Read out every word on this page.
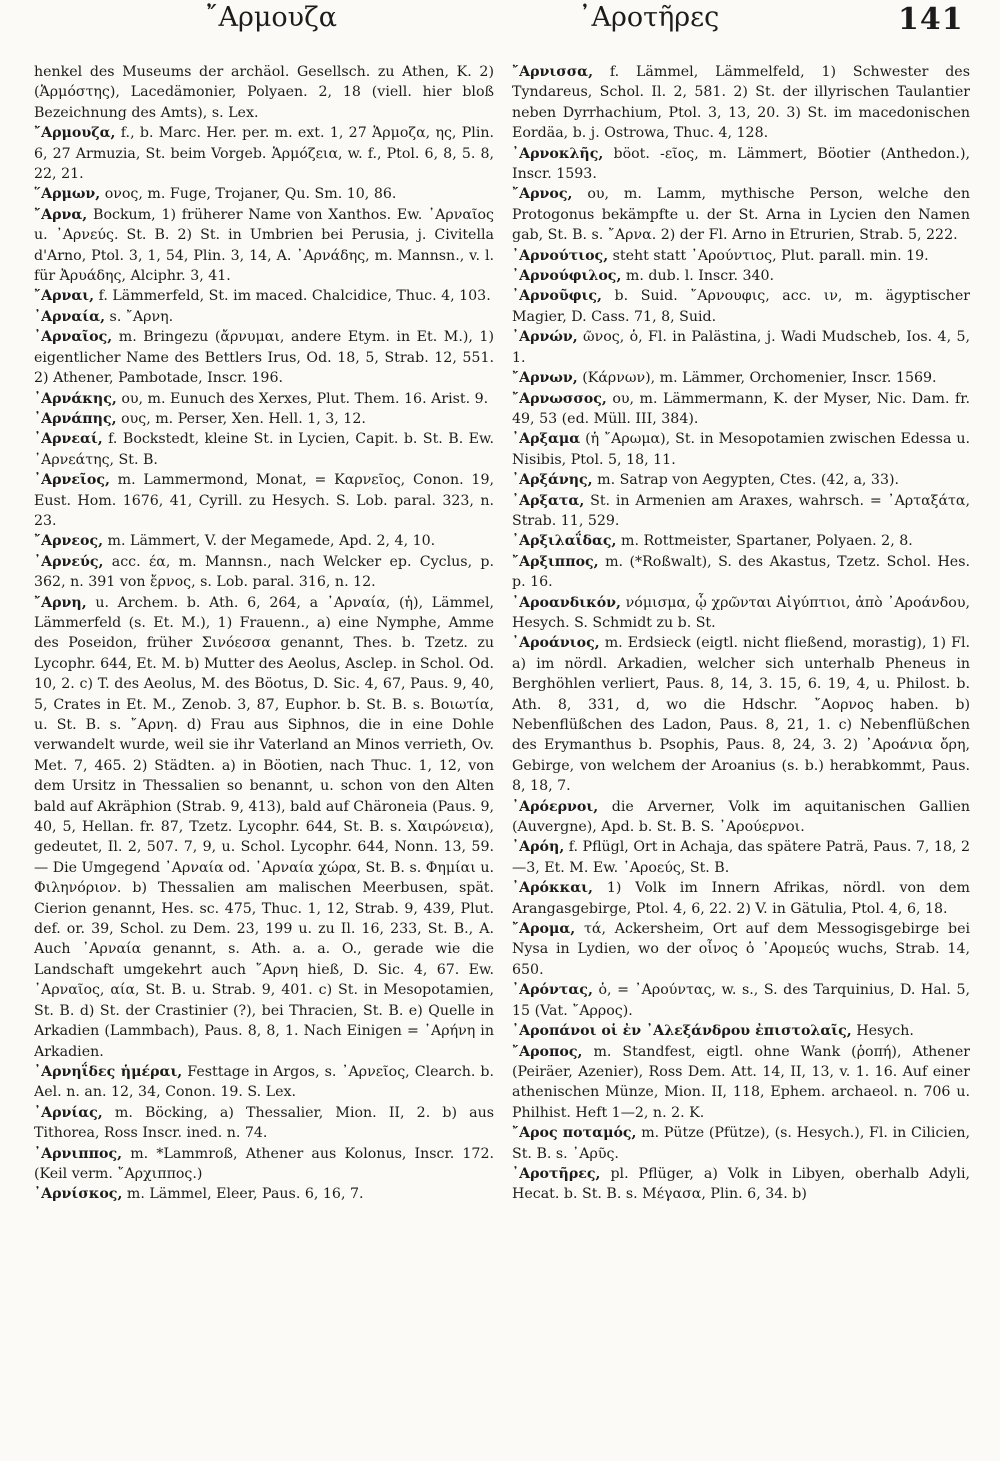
῎Αρμουζα	᾽Αροτῆρες	141

henkel des Museums der archäol. Gesellsch. zu Athen, K. 2) (Ἁρμόστης), Lacedämonier, Polyaen. 2, 18 (viell. hier bloß Bezeichnung des Amts), s. Lex.

῎Αρμουζα, f., b. Marc. Her. per. m. ext. 1, 27 Ἁρμοζα, ης, Plin. 6, 27 Armuzia, St. beim Vorgeb. Ἁρμόζεια, w. f., Ptol. 6, 8, 5. 8, 22, 21.

῞Αρμων, ονος, m. Fuge, Trojaner, Qu. Sm. 10, 86.

῎Αρνα, Bockum, 1) früherer Name von Xanthos. Ew. ᾽Αρναῖος u. ᾽Αρνεύς. St. B. 2) St. in Umbrien bei Perusia, j. Civitella d'Arno, Ptol. 3, 1, 54, Plin. 3, 14, A. ᾽Αρνάδης, m. Mannsn., v. l. für Ἀρυάδης, Alciphr. 3, 41.

῎Αρναι, f. Lämmerfeld, St. im maced. Chalcidice, Thuc. 4, 103.

᾽Αρναία, s. ῎Αρνη.

᾽Αρναῖος, m. Bringezu (ἄρνυμαι, andere Etym. in Et. M.), 1) eigentlicher Name des Bettlers Irus, Od. 18, 5, Strab. 12, 551. 2) Athener, Pambotade, Inscr. 196.

᾽Αρνάκης, ου, m. Eunuch des Xerxes, Plut. Them. 16. Arist. 9.

᾽Αρνάπης, ους, m. Perser, Xen. Hell. 1, 3, 12.

᾽Αρνεαί, f. Bockstedt, kleine St. in Lycien, Capit. b. St. B. Ew. ᾽Αρνεάτης, St. B.

᾽Αρνεῖος, m. Lammermond, Monat, = Καρνεῖος, Conon. 19, Eust. Hom. 1676, 41, Cyrill. zu Hesych. S. Lob. paral. 323, n. 23.

῎Αρνεος, m. Lämmert, V. der Megamede, Apd. 2, 4, 10.

᾽Αρνεύς, acc. έα, m. Mannsn., nach Welcker ep. Cyclus, p. 362, n. 391 von ἔρνος, s. Lob. paral. 316, n. 12.

῎Αρνη, u. Archem. b. Ath. 6, 264, a ᾽Αρναία, (ἡ), Lämmel, Lämmerfeld (s. Et. M.), 1) Frauenn., a) eine Nymphe, Amme des Poseidon, früher Σινόεσσα genannt, Thes. b. Tzetz. zu Lycophr. 644, Et. M. b) Mutter des Aeolus, Asclep. in Schol. Od. 10, 2. c) T. des Aeolus, M. des Böotus, D. Sic. 4, 67, Paus. 9, 40, 5, Crates in Et. M., Zenob. 3, 87, Euphor. b. St. B. s. Βοιωτία, u. St. B. s. ῎Αρνη. d) Frau aus Siphnos, die in eine Dohle verwandelt wurde, weil sie ihr Vaterland an Minos verrieth, Ov. Met. 7, 465. 2) Städten. a) in Böotien, nach Thuc. 1, 12, von dem Ursitz in Thessalien so benannt, u. schon von den Alten bald auf Akräphion (Strab. 9, 413), bald auf Chäroneia (Paus. 9, 40, 5, Hellan. fr. 87, Tzetz. Lycophr. 644, St. B. s. Χαιρώνεια), gedeutet, Il. 2, 507. 7, 9, u. Schol. Lycophr. 644, Nonn. 13, 59. — Die Umgegend ᾽Αρναία od. ᾽Αρναία χώρα, St. B. s. Φημίαι u. Φιληνόριον. b) Thessalien am malischen Meerbusen, spät. Cierion genannt, Hes. sc. 475, Thuc. 1, 12, Strab. 9, 439, Plut. def. or. 39, Schol. zu Dem. 23, 199 u. zu Il. 16, 233, St. B., A. Auch ᾽Αρναία genannt, s. Ath. a. a. O., gerade wie die Landschaft umgekehrt auch ῎Αρνη hieß, D. Sic. 4, 67. Ew. ᾽Αρναῖος, αία, St. B. u. Strab. 9, 401. c) St. in Mesopotamien, St. B. d) St. der Crastinier (?), bei Thracien, St. B. e) Quelle in Arkadien (Lammbach), Paus. 8, 8, 1. Nach Einigen = ᾽Αρήνη in Arkadien.

᾽Αρνηΐδες ἡμέραι, Festtage in Argos, s. ᾽Αρνεῖος, Clearch. b. Ael. n. an. 12, 34, Conon. 19. S. Lex.

᾽Αρνίας, m. Böcking, a) Thessalier, Mion. II, 2. b) aus Tithorea, Ross Inscr. ined. n. 74.

᾽Αρνιππος, m. *Lammroß, Athener aus Kolonus, Inscr. 172. (Keil verm. ῎Αρχιππος.)

᾽Αρνίσκος, m. Lämmel, Eleer, Paus. 6, 16, 7.

῎Αρνισσα, f. Lämmel, Lämmelfeld, 1) Schwester des Tyndareus, Schol. Il. 2, 581. 2) St. der illyrischen Taulantier neben Dyrrhachium, Ptol. 3, 13, 20. 3) St. im macedonischen Eordäa, b. j. Ostrowa, Thuc. 4, 128.

᾽Αρνοκλῆς, böot. -εῖος, m. Lämmert, Böotier (Anthedon.), Inscr. 1593.

῎Αρνος, ου, m. Lamm, mythische Person, welche den Protogonus bekämpfte u. der St. Arna in Lycien den Namen gab, St. B. s. ῎Αρνα. 2) der Fl. Arno in Etrurien, Strab. 5, 222.

᾽Αρνούτιος, steht statt ᾽Αρούντιος, Plut. parall. min. 19.

᾽Αρνούφιλος, m. dub. l. Inscr. 340.

᾽Αρνοῦφις, b. Suid. ῎Αρνουφις, acc. ιν, m. ägyptischer Magier, D. Cass. 71, 8, Suid.

᾽Αρνών, ῶνος, ὁ, Fl. in Palästina, j. Wadi Mudscheb, Ios. 4, 5, 1.

῎Αρνων, (Κάρνων), m. Lämmer, Orchomenier, Inscr. 1569.

῎Αρνωσσος, ου, m. Lämmermann, K. der Myser, Nic. Dam. fr. 49, 53 (ed. Müll. III, 384).

᾽Αρξαμα (ἡ ῎Αρωμα), St. in Mesopotamien zwischen Edessa u. Nisibis, Ptol. 5, 18, 11.

᾽Αρξάνης, m. Satrap von Aegypten, Ctes. (42, a, 33).

᾽Αρξατα, St. in Armenien am Araxes, wahrsch. = ᾽Αρταξάτα, Strab. 11, 529.

᾽Αρξιλαΐδας, m. Rottmeister, Spartaner, Polyaen. 2, 8.

῎Αρξιππος, m. (*Roßwalt), S. des Akastus, Tzetz. Schol. Hes. p. 16.

᾽Αροανδικόν, νόμισμα, ᾧ χρῶνται Αἰγύπτιοι, ἀπὸ ᾽Αροάνδου, Hesych. S. Schmidt zu b. St.

᾽Αροάνιος, m. Erdsieck (eigtl. nicht fließend, morastig), 1) Fl. a) im nördl. Arkadien, welcher sich unterhalb Pheneus in Berghöhlen verliert, Paus. 8, 14, 3. 15, 6. 19, 4, u. Philost. b. Ath. 8, 331, d, wo die Hdschr. ῎Αορνος haben. b) Nebenflüßchen des Ladon, Paus. 8, 21, 1. c) Nebenflüßchen des Erymanthus b. Psophis, Paus. 8, 24, 3. 2) ᾽Αροάνια ὄρη, Gebirge, von welchem der Aroanius (s. b.) herabkommt, Paus. 8, 18, 7.

᾽Αρόερνοι, die Arverner, Volk im aquitanischen Gallien (Auvergne), Apd. b. St. B. S. ᾽Αρούερνοι.

᾽Αρόη, f. Pflügl, Ort in Achaja, das spätere Paträ, Paus. 7, 18, 2—3, Et. M. Ew. ᾽Αροεύς, St. B.

᾽Αρόκκαι, 1) Volk im Innern Afrikas, nördl. von dem Arangasgebirge, Ptol. 4, 6, 22. 2) V. in Gätulia, Ptol. 4, 6, 18.

῎Αρομα, τά, Ackersheim, Ort auf dem Messogisgebirge bei Nysa in Lydien, wo der οἶνος ὁ ᾽Αρομεύς wuchs, Strab. 14, 650.

᾽Αρόντας, ὁ, = ᾽Αρούντας, w. s., S. des Tarquinius, D. Hal. 5, 15 (Vat. ῎Αρρος).

᾽Αροπάνοι οἱ ἐν ᾽Αλεξάνδρου ἐπιστολαῖς, Hesych.

῎Αροπος, m. Standfest, eigtl. ohne Wank (ῥοπή), Athener (Peiräer, Azenier), Ross Dem. Att. 14, II, 13, v. 1. 16. Auf einer athenischen Münze, Mion. II, 118, Ephem. archaeol. n. 706 u. Philhist. Heft 1—2, n. 2. K.

῎Αρος ποταμός, m. Pütze (Pfütze), (s. Hesych.), Fl. in Cilicien, St. B. s. ᾽Αρῦς.

᾽Αροτῆρες, pl. Pflüger, a) Volk in Libyen, oberhalb Adyli, Hecat. b. St. B. s. Μέγασα, Plin. 6, 34. b)
